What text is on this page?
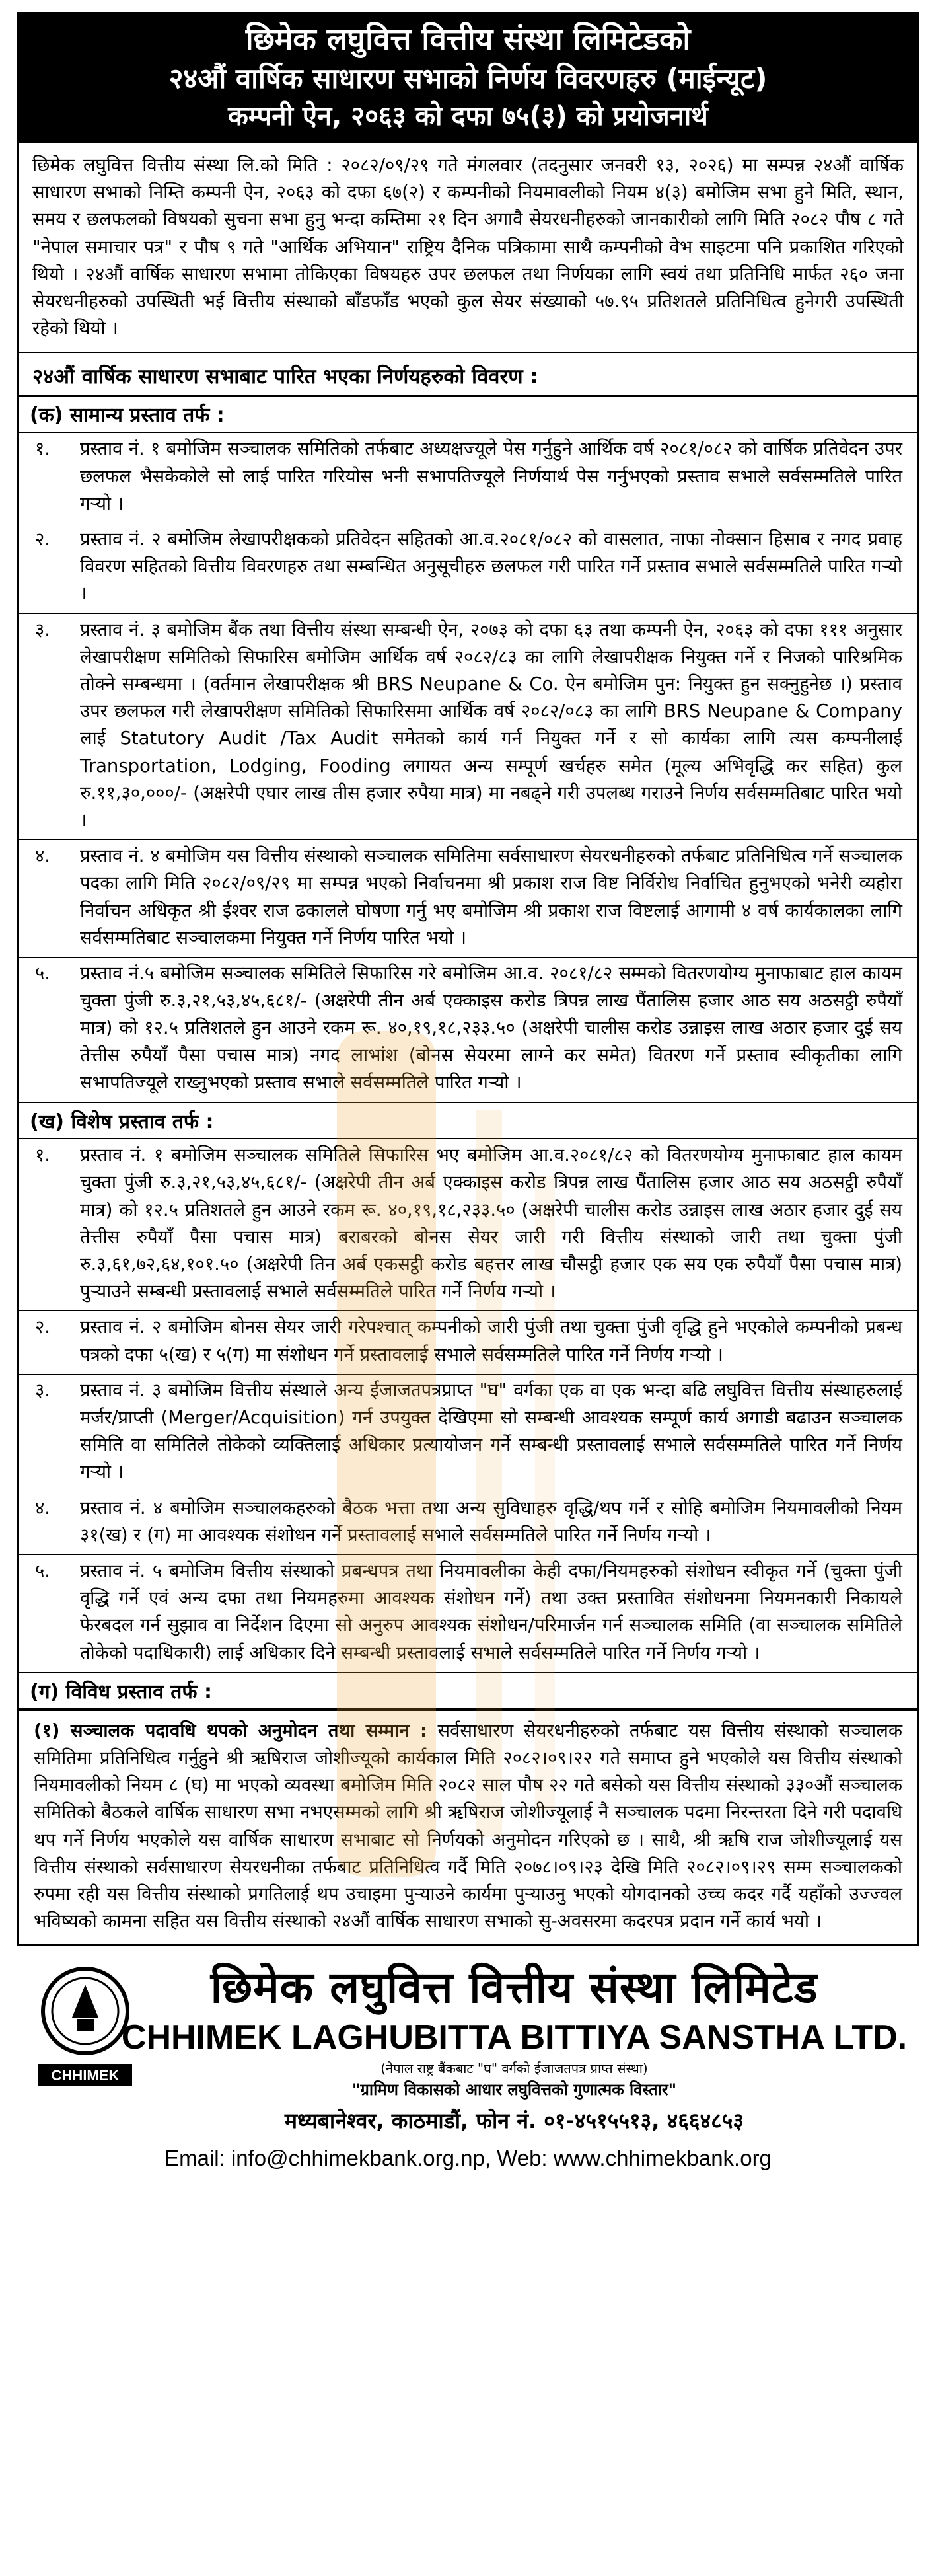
छिमेक लघुवित्त वित्तीय संस्था लिमिटेडको
२४औं वार्षिक साधारण सभाको निर्णय विवरणहरु (माईन्यूट)
कम्पनी ऐन, २०६३ को दफा ७५(३) को प्रयोजनार्थ
छिमेक लघुवित्त वित्तीय संस्था लि.को मिति : २०८२/०९/२९ गते मंगलवार (तदनुसार जनवरी १३, २०२६) मा सम्पन्न २४औं वार्षिक साधारण सभाको निम्ति कम्पनी ऐन, २०६३ को दफा ६७(२) र कम्पनीको नियमावलीको नियम ४(३) बमोजिम सभा हुने मिति, स्थान, समय र छलफलको विषयको सुचना सभा हुनु भन्दा कम्तिमा २१ दिन अगावै सेयरधनीहरुको जानकारीको लागि मिति २०८२ पौष ८ गते "नेपाल समाचार पत्र" र पौष ९ गते "आर्थिक अभियान" राष्ट्रिय दैनिक पत्रिकामा साथै कम्पनीको वेभ साइटमा पनि प्रकाशित गरिएको थियो । २४औं वार्षिक साधारण सभामा तोकिएका विषयहरु उपर छलफल तथा निर्णयका लागि स्वयं तथा प्रतिनिधि मार्फत २६० जना सेयरधनीहरुको उपस्थिती भई वित्तीय संस्थाको बाँडफाँड भएको कुल सेयर संख्याको ५७.९५ प्रतिशतले प्रतिनिधित्व हुनेगरी उपस्थिती रहेको थियो ।
२४औं वार्षिक साधारण सभाबाट पारित भएका निर्णयहरुको विवरण :
(क) सामान्य प्रस्ताव तर्फ :
१.	प्रस्ताव नं. १ बमोजिम सञ्चालक समितिको तर्फबाट अध्यक्षज्यूले पेस गर्नुहुने आर्थिक वर्ष २०८१/०८२ को वार्षिक प्रतिवेदन उपर छलफल भैसकेकोले सो लाई पारित गरियोस भनी सभापतिज्यूले निर्णयार्थ पेस गर्नुभएको प्रस्ताव सभाले सर्वसम्मतिले पारित गऱ्यो ।
२.	प्रस्ताव नं. २ बमोजिम लेखापरीक्षकको प्रतिवेदन सहितको आ.व.२०८१/०८२ को वासलात, नाफा नोक्सान हिसाब र नगद प्रवाह विवरण सहितको वित्तीय विवरणहरु तथा सम्बन्धित अनुसूचीहरु छलफल गरी पारित गर्ने प्रस्ताव सभाले सर्वसम्मतिले पारित गऱ्यो ।
३.	प्रस्ताव नं. ३ बमोजिम बैंक तथा वित्तीय संस्था सम्बन्धी ऐन, २०७३ को दफा ६३ तथा कम्पनी ऐन, २०६३ को दफा १११ अनुसार लेखापरीक्षण समितिको सिफारिस बमोजिम आर्थिक वर्ष २०८२/८३ का लागि लेखापरीक्षक नियुक्त गर्ने र निजको पारिश्रमिक तोक्ने सम्बन्धमा । (वर्तमान लेखापरीक्षक श्री BRS Neupane & Co. ऐन बमोजिम पुन: नियुक्त हुन सक्नुहुनेछ ।) प्रस्ताव उपर छलफल गरी लेखापरीक्षण समितिको सिफारिसमा आर्थिक वर्ष २०८२/०८३ का लागि BRS Neupane & Company लाई Statutory Audit /Tax Audit समेतको कार्य गर्न नियुक्त गर्ने र सो कार्यका लागि त्यस कम्पनीलाई Transportation, Lodging, Fooding लगायत अन्य सम्पूर्ण खर्चहरु समेत (मूल्य अभिवृद्धि कर सहित) कुल रु.११,३०,०००/- (अक्षरेपी एघार लाख तीस हजार रुपैया मात्र) मा नबढ्ने गरी उपलब्ध गराउने निर्णय सर्वसम्मतिबाट पारित भयो ।
४.	प्रस्ताव नं. ४ बमोजिम यस वित्तीय संस्थाको सञ्चालक समितिमा सर्वसाधारण सेयरधनीहरुको तर्फबाट प्रतिनिधित्व गर्ने सञ्चालक पदका लागि मिति २०८२/०९/२९ मा सम्पन्न भएको निर्वाचनमा श्री प्रकाश राज विष्ट निर्विरोध निर्वाचित हुनुभएको भनेरी व्यहोरा निर्वाचन अधिकृत श्री ईश्वर राज ढकालले घोषणा गर्नु भए बमोजिम श्री प्रकाश राज विष्टलाई आगामी ४ वर्ष कार्यकालका लागि सर्वसम्मतिबाट सञ्चालकमा नियुक्त गर्ने निर्णय पारित भयो ।
५.	प्रस्ताव नं.५ बमोजिम सञ्चालक समितिले सिफारिस गरे बमोजिम आ.व. २०८१/८२ सम्मको वितरणयोग्य मुनाफाबाट हाल कायम चुक्ता पुंजी रु.३,२१,५३,४५,६८१/- (अक्षरेपी तीन अर्ब एक्काइस करोड त्रिपन्न लाख पैंतालिस हजार आठ सय अठसट्ठी रुपैयाँ मात्र) को १२.५ प्रतिशतले हुन आउने रकम रू. ४०,१९,१८,२३३.५० (अक्षरेपी चालीस करोड उन्नाइस लाख अठार हजार दुई सय तेत्तीस रुपैयाँ पैसा पचास मात्र) नगद लाभांश (बोनस सेयरमा लाग्ने कर समेत) वितरण गर्ने प्रस्ताव स्वीकृतीका लागि सभापतिज्यूले राख्नुभएको प्रस्ताव सभाले सर्वसम्मतिले पारित गऱ्यो ।
(ख) विशेष प्रस्ताव तर्फ :
१.	प्रस्ताव नं. १ बमोजिम सञ्चालक समितिले सिफारिस भए बमोजिम आ.व.२०८१/८२ को वितरणयोग्य मुनाफाबाट हाल कायम चुक्ता पुंजी रु.३,२१,५३,४५,६८१/- (अक्षरेपी तीन अर्ब एक्काइस करोड त्रिपन्न लाख पैंतालिस हजार आठ सय अठसट्ठी रुपैयाँ मात्र) को १२.५ प्रतिशतले हुन आउने रकम रू. ४०,१९,१८,२३३.५० (अक्षरेपी चालीस करोड उन्नाइस लाख अठार हजार दुई सय तेत्तीस रुपैयाँ पैसा पचास मात्र) बराबरको बोनस सेयर जारी गरी वित्तीय संस्थाको जारी तथा चुक्ता पुंजी रु.३,६१,७२,६४,१०१.५० (अक्षरेपी तिन अर्ब एकसट्ठी करोड बहत्तर लाख चौसट्ठी हजार एक सय एक रुपैयाँ पैसा पचास मात्र) पुऱ्याउने सम्बन्धी प्रस्तावलाई सभाले सर्वसम्मतिले पारित गर्ने निर्णय गऱ्यो ।
२.	प्रस्ताव नं. २ बमोजिम बोनस सेयर जारी गरेपश्चात् कम्पनीको जारी पुंजी तथा चुक्ता पुंजी वृद्धि हुने भएकोले कम्पनीको प्रबन्ध पत्रको दफा ५(ख) र ५(ग) मा संशोधन गर्ने प्रस्तावलाई सभाले सर्वसम्मतिले पारित गर्ने निर्णय गऱ्यो ।
३.	प्रस्ताव नं. ३ बमोजिम वित्तीय संस्थाले अन्य ईजाजतपत्रप्राप्त "घ" वर्गका एक वा एक भन्दा बढि लघुवित्त वित्तीय संस्थाहरुलाई मर्जर/प्राप्ती (Merger/Acquisition) गर्न उपयुक्त देखिएमा सो सम्बन्धी आवश्यक सम्पूर्ण कार्य अगाडी बढाउन सञ्चालक समिति वा समितिले तोकेको व्यक्तिलाई अधिकार प्रत्यायोजन गर्ने सम्बन्धी प्रस्तावलाई सभाले सर्वसम्मतिले पारित गर्ने निर्णय गऱ्यो ।
४.	प्रस्ताव नं. ४ बमोजिम सञ्चालकहरुको बैठक भत्ता तथा अन्य सुविधाहरु वृद्धि/थप गर्ने र सोहि बमोजिम नियमावलीको नियम ३१(ख) र (ग) मा आवश्यक संशोधन गर्ने प्रस्तावलाई सभाले सर्वसम्मतिले पारित गर्ने निर्णय गऱ्यो ।
५.	प्रस्ताव नं. ५ बमोजिम वित्तीय संस्थाको प्रबन्धपत्र तथा नियमावलीका केही दफा/नियमहरुको संशोधन स्वीकृत गर्ने (चुक्ता पुंजी वृद्धि गर्ने एवं अन्य दफा तथा नियमहरुमा आवश्यक संशोधन गर्ने) तथा उक्त प्रस्तावित संशोधनमा नियमनकारी निकायले फेरबदल गर्न सुझाव वा निर्देशन दिएमा सो अनुरुप आवश्यक संशोधन/परिमार्जन गर्न सञ्चालक समिति (वा सञ्चालक समितिले तोकेको पदाधिकारी) लाई अधिकार दिने सम्बन्धी प्रस्तावलाई सभाले सर्वसम्मतिले पारित गर्ने निर्णय गऱ्यो ।
(ग) विविध प्रस्ताव तर्फ :
(१) सञ्चालक पदावधि थपको अनुमोदन तथा सम्मान : सर्वसाधारण सेयरधनीहरुको तर्फबाट यस वित्तीय संस्थाको सञ्चालक समितिमा प्रतिनिधित्व गर्नुहुने श्री ऋषिराज जोशीज्यूको कार्यकाल मिति २०८२।०९।२२ गते समाप्त हुने भएकोले यस वित्तीय संस्थाको नियमावलीको नियम ८ (घ) मा भएको व्यवस्था बमोजिम मिति २०८२ साल पौष २२ गते बसेको यस वित्तीय संस्थाको ३३०औं सञ्चालक समितिको बैठकले वार्षिक साधारण सभा नभएसम्मको लागि श्री ऋषिराज जोशीज्यूलाई नै सञ्चालक पदमा निरन्तरता दिने गरी पदावधि थप गर्ने निर्णय भएकोले यस वार्षिक साधारण सभाबाट सो निर्णयको अनुमोदन गरिएको छ । साथै, श्री ऋषि राज जोशीज्यूलाई यस वित्तीय संस्थाको सर्वसाधारण सेयरधनीका तर्फबाट प्रतिनिधित्व गर्दै मिति २०७८।०९।२३ देखि मिति २०८२।०९।२९ सम्म सञ्चालकको रुपमा रही यस वित्तीय संस्थाको प्रगतिलाई थप उचाइमा पुऱ्याउने कार्यमा पुऱ्याउनु भएको योगदानको उच्च कदर गर्दै यहाँको उज्ज्वल भविष्यको कामना सहित यस वित्तीय संस्थाको २४औं वार्षिक साधारण सभाको सु-अवसरमा कदरपत्र प्रदान गर्ने कार्य भयो ।
CHHIMEK
छिमेक लघुवित्त वित्तीय संस्था लिमिटेड
CHHIMEK LAGHUBITTA BITTIYA SANSTHA LTD.
(नेपाल राष्ट्र बैंकबाट "घ" वर्गको ईजाजतपत्र प्राप्त संस्था)
"ग्रामिण विकासको आधार लघुवित्तको गुणात्मक विस्तार"
मध्यबानेश्वर, काठमाडौं, फोन नं. ०१-४५१५५१३, ४६६४८५३
Email: info@chhimekbank.org.np, Web: www.chhimekbank.org
